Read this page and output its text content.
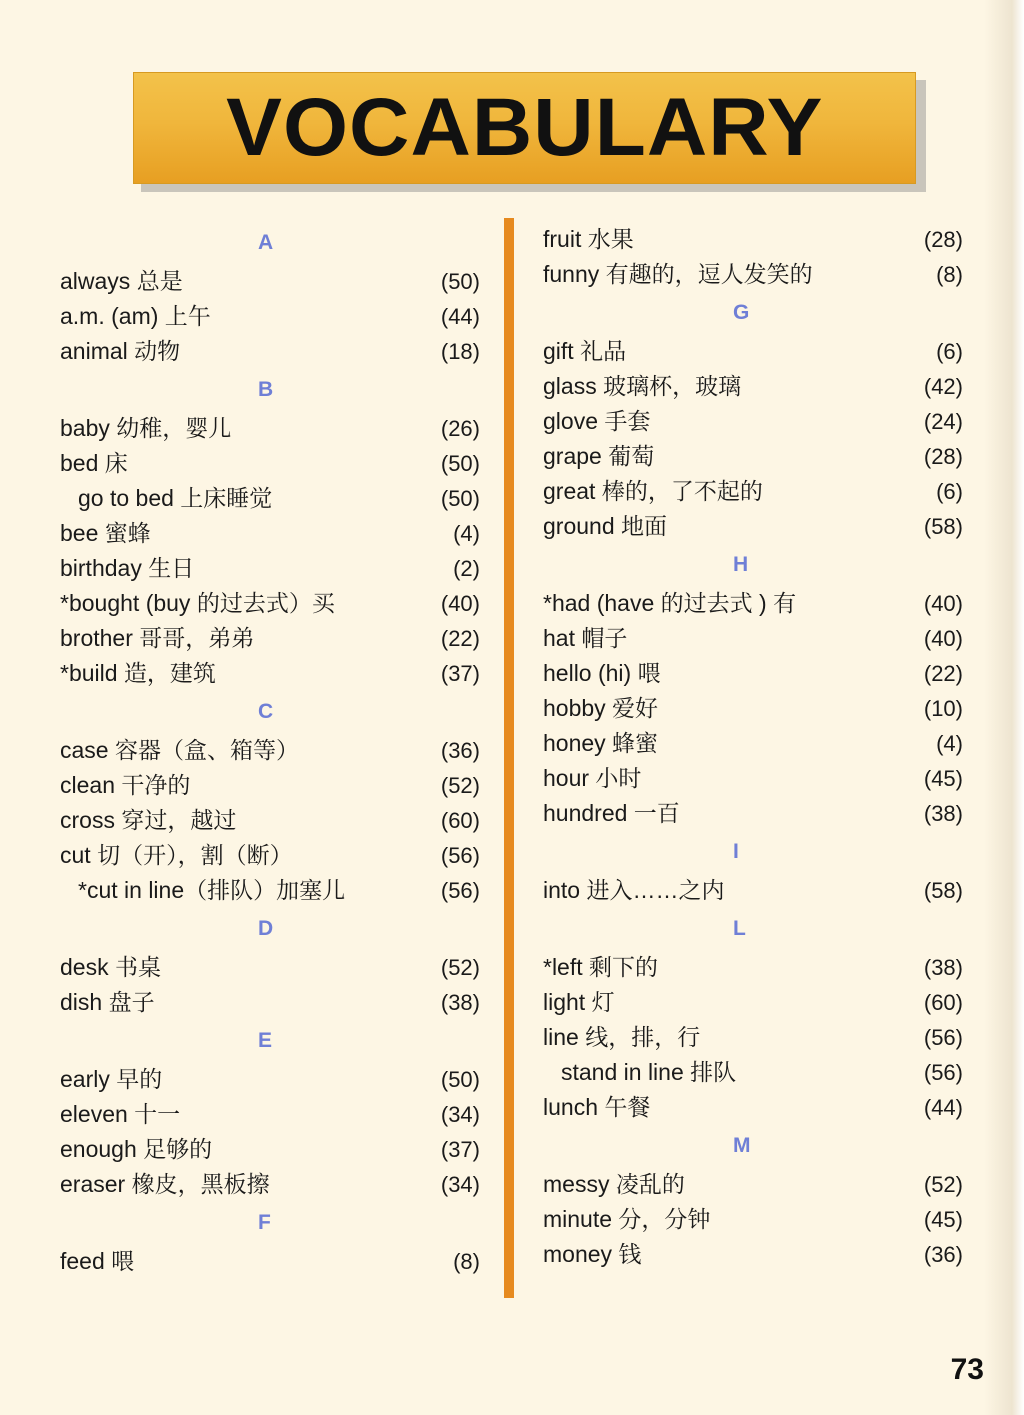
VOCABULARY
A
always 总是	(50)
a.m. (am) 上午	(44)
animal 动物	(18)
B
baby 幼稚，婴儿	(26)
bed 床	(50)
go to bed 上床睡觉	(50)
bee 蜜蜂	(4)
birthday 生日	(2)
*bought (buy 的过去式）买	(40)
brother 哥哥，弟弟	(22)
*build 造，建筑	(37)
C
case 容器（盒、箱等）	(36)
clean 干净的	(52)
cross 穿过，越过	(60)
cut 切（开），割（断）	(56)
*cut in line（排队）加塞儿	(56)
D
desk 书桌	(52)
dish 盘子	(38)
E
early 早的	(50)
eleven 十一	(34)
enough 足够的	(37)
eraser 橡皮，黑板擦	(34)
F
feed 喂	(8)
fruit 水果	(28)
funny 有趣的，逗人发笑的	(8)
G
gift 礼品	(6)
glass 玻璃杯，玻璃	(42)
glove 手套	(24)
grape 葡萄	(28)
great 棒的，了不起的	(6)
ground 地面	(58)
H
*had (have 的过去式 ) 有	(40)
hat 帽子	(40)
hello (hi) 喂	(22)
hobby 爱好	(10)
honey 蜂蜜	(4)
hour 小时	(45)
hundred 一百	(38)
I
into 进入……之内	(58)
L
*left 剩下的	(38)
light 灯	(60)
line 线，排，行	(56)
stand in line 排队	(56)
lunch 午餐	(44)
M
messy 凌乱的	(52)
minute 分，分钟	(45)
money 钱	(36)
73
